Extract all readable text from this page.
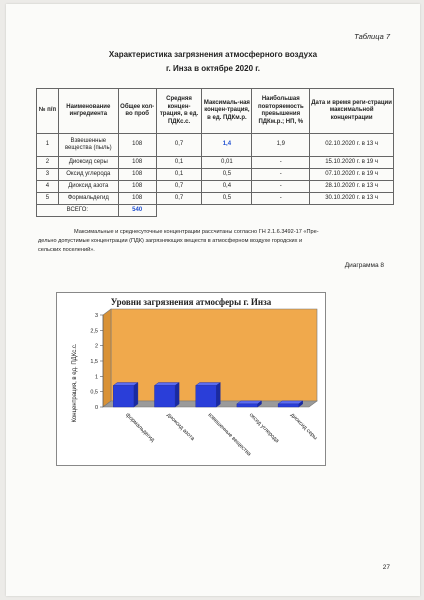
Таблица 7
Характеристика загрязнения атмосферного воздуха
г. Инза в октябре 2020 г.
№ п/п	Наименование ингредиента	Общее кол-во проб	Средняя концен-трация, в ед. ПДКс.с.	Максималь-ная концен-трация, в ед. ПДКм.р.	Наибольшая повторяемость превышения ПДКм.р.; НП, %	Дата и время реги-страции максимальной концентрации
1	Взвешенные вещества (пыль)	108	0,7	1,4	1,9	02.10.2020 г. в 13 ч
2	Диоксид серы	108	0,1	0,01	-	15.10.2020 г. в 19 ч
3	Оксид углерода	108	0,1	0,5	-	07.10.2020 г. в 19 ч
4	Диоксид азота	108	0,7	0,4	-	28.10.2020 г. в 13 ч
5	Формальдегид	108	0,7	0,5	-	30.10.2020 г. в 13 ч
ВСЕГО:		540				

Максимальные и среднесуточные концентрации рассчитаны согласно ГН 2.1.6.3492-17 «Пре-

дельно допустимые концентрации (ПДК) загрязняющих веществ в атмосферном воздухе городских и
сельских поселений».
Диаграмма 8
Уровни загрязнения атмосферы г. Инза
Концентрация, в ед. ПДКс.с.	0
0,5
1
1,5
2
2,5
3
формальдегид диоксид азота взвешенные вещества
оксид углерода диоксид серы
27
